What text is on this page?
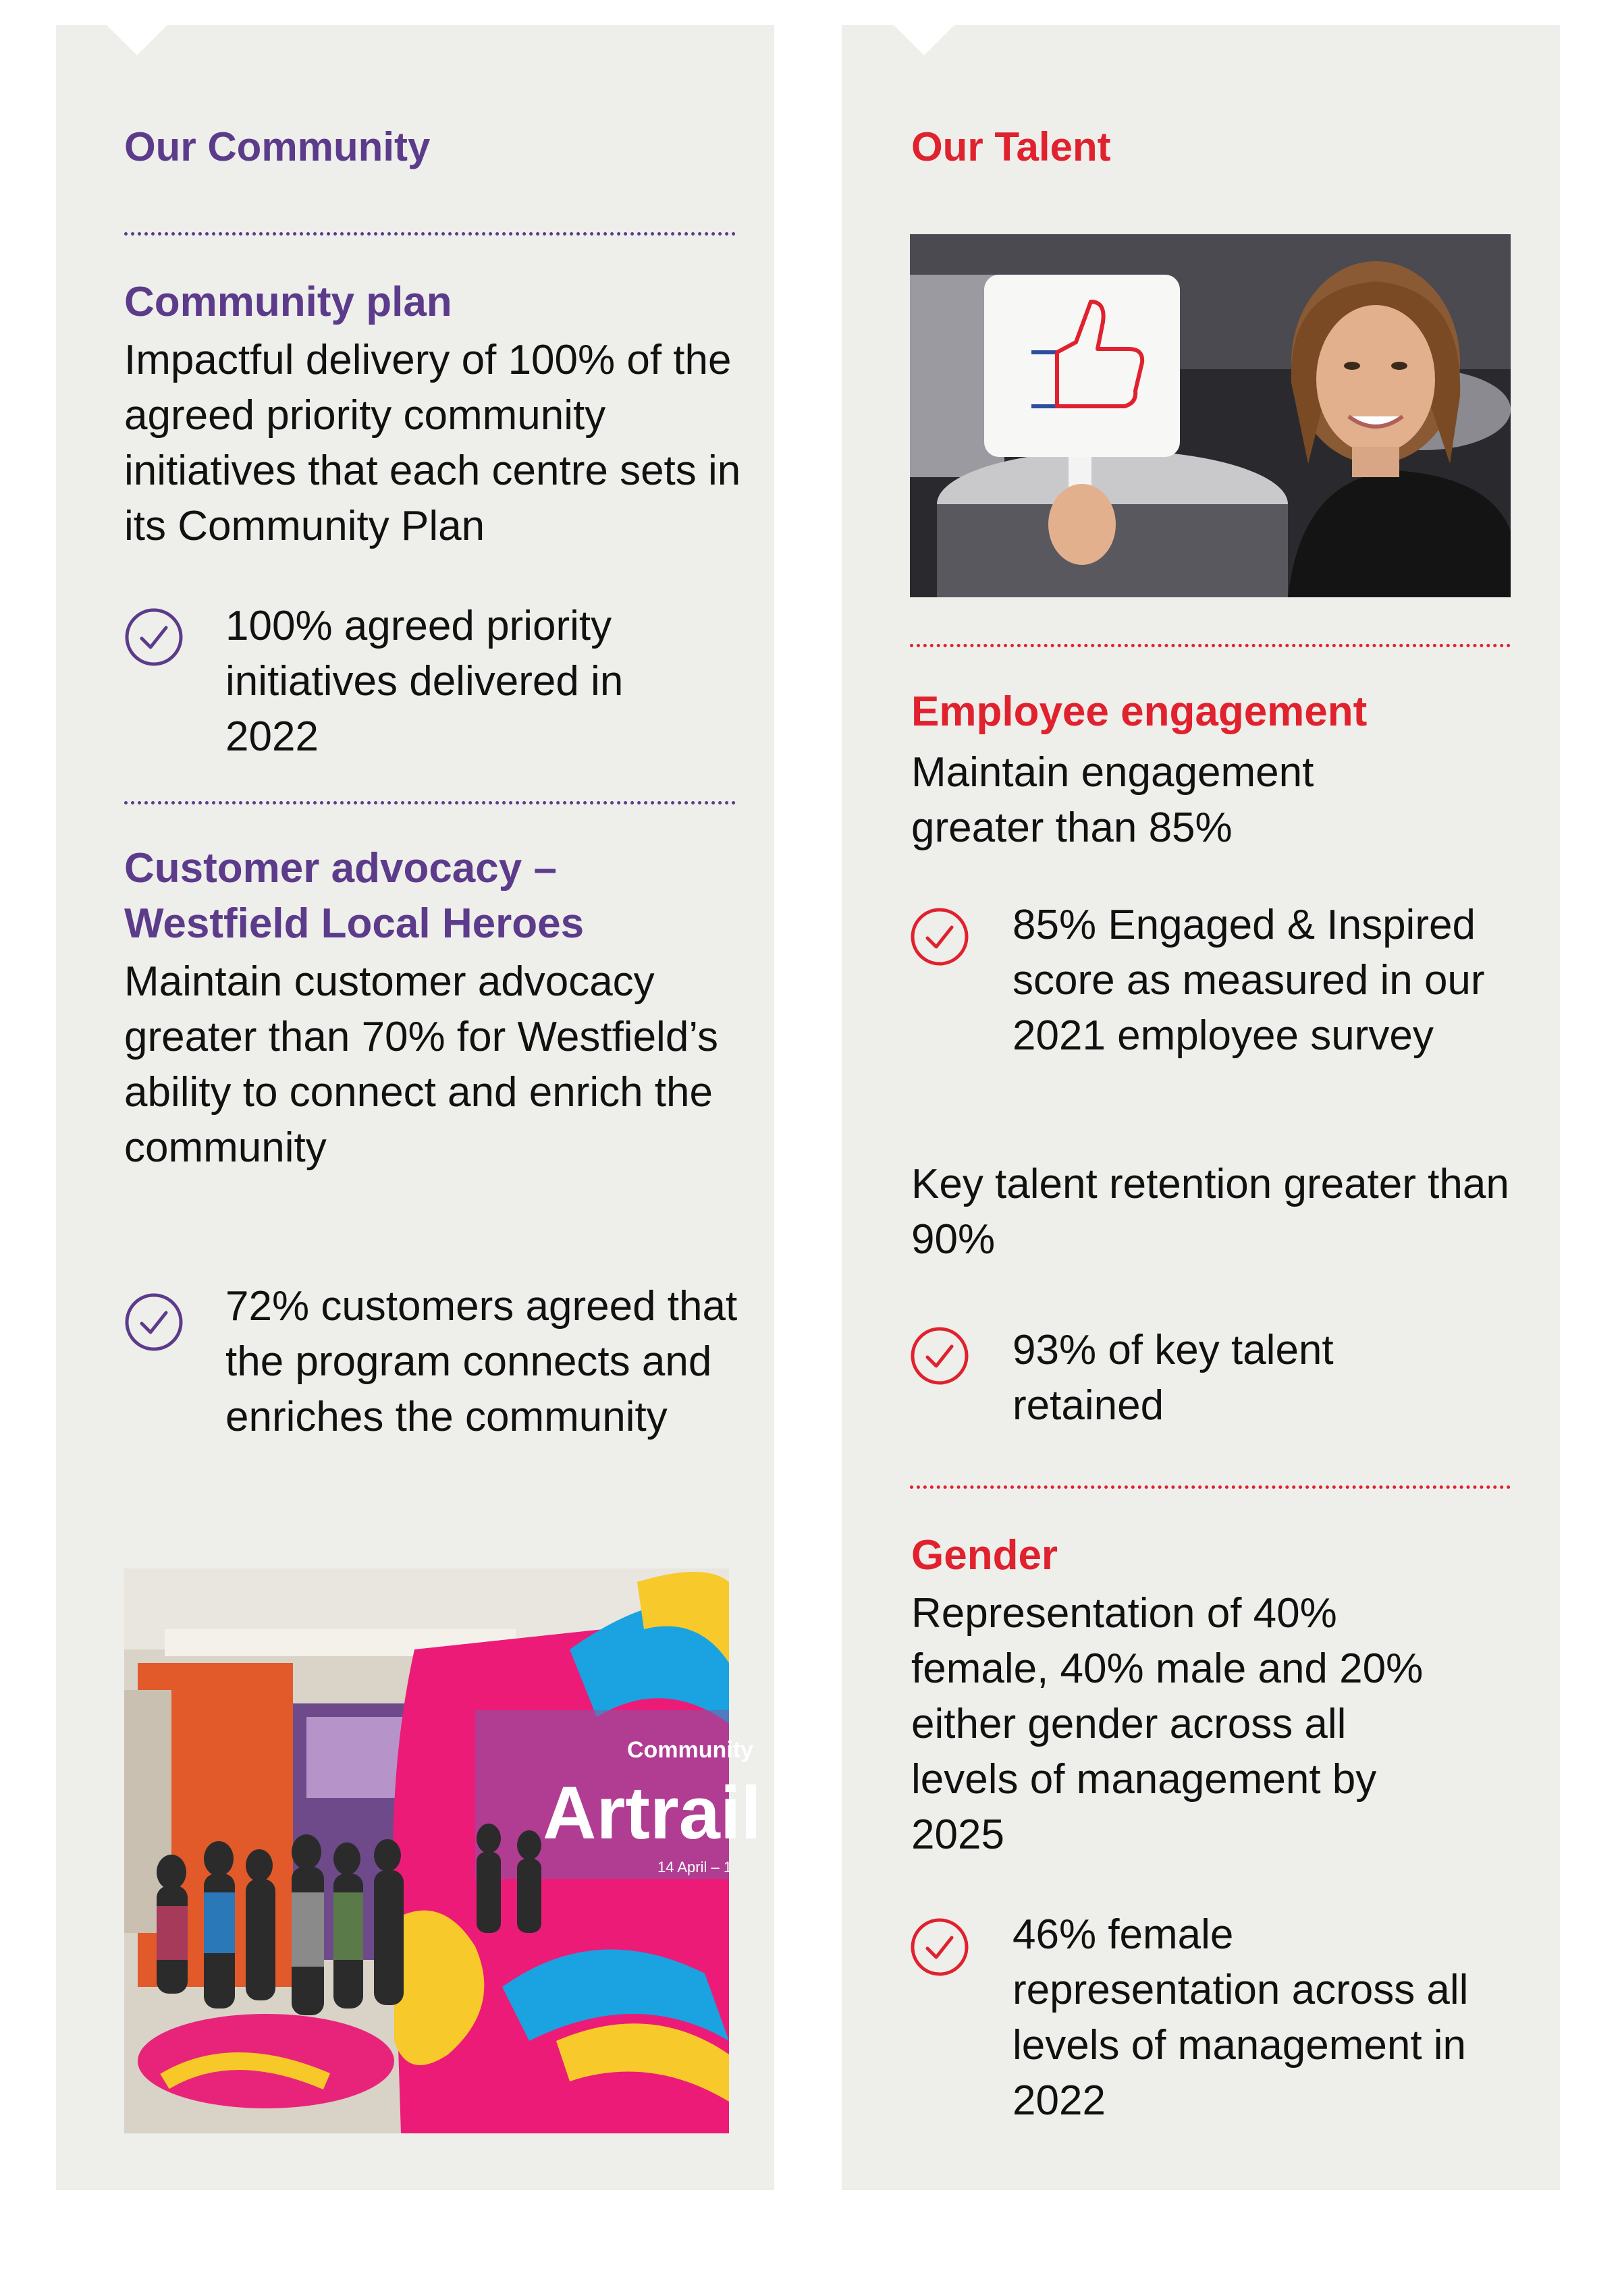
Our Community
Community plan
Impactful delivery of 100% of the agreed priority community initiatives that each centre sets in its Community Plan
100% agreed priority initiatives delivered in 2022
Customer advocacy – Westfield Local Heroes
Maintain customer advocacy greater than 70% for Westfield’s ability to connect and enrich the community
72% customers agreed that the program connects and enriches the community
Artrail
Community
14 April – 1
Our Talent
Employee engagement
Maintain engagement greater than 85%
85% Engaged & Inspired score as measured in our 2021 employee survey
Key talent retention greater than 90%
93% of key talent retained
Gender
Representation of 40% female, 40% male and 20% either gender across all levels of management by 2025
46% female representation across all levels of management in 2022
